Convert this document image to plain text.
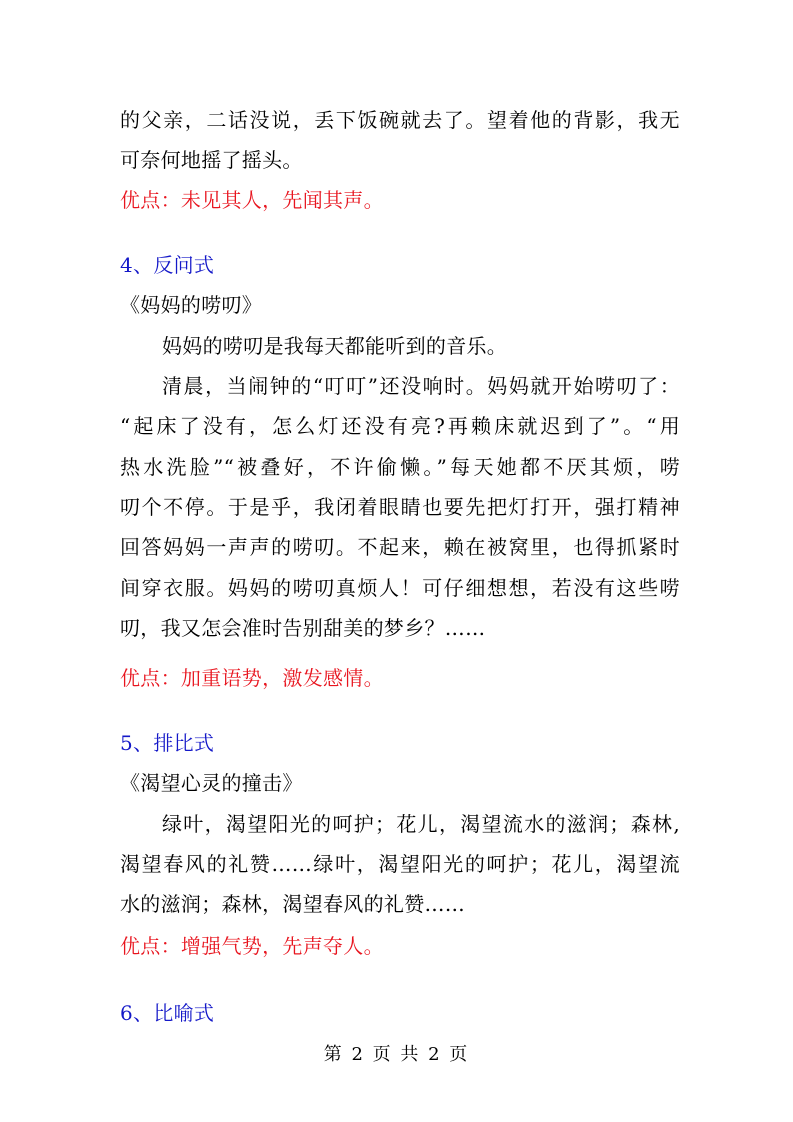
的父亲，二话没说，丢下饭碗就去了。望着他的背影，我无
可奈何地摇了摇头。
优点：未见其人，先闻其声。
4、反问式
《妈妈的唠叨》
妈妈的唠叨是我每天都能听到的音乐。
清晨，当闹钟的“叮叮”还没响时。妈妈就开始唠叨了：
“起床了没有，怎么灯还没有亮?再赖床就迟到了”。“用
热水洗脸”“被叠好，不许偷懒。”每天她都不厌其烦，唠
叨个不停。于是乎，我闭着眼睛也要先把灯打开，强打精神
回答妈妈一声声的唠叨。不起来，赖在被窝里，也得抓紧时
间穿衣服。妈妈的唠叨真烦人！可仔细想想，若没有这些唠
叨，我又怎会准时告别甜美的梦乡？……
优点：加重语势，激发感情。
5、排比式
《渴望心灵的撞击》
绿叶，渴望阳光的呵护；花儿，渴望流水的滋润；森林,
渴望春风的礼赞……绿叶，渴望阳光的呵护；花儿，渴望流
水的滋润；森林，渴望春风的礼赞……
优点：增强气势，先声夺人。
6、比喻式
第 2 页 共 2 页
